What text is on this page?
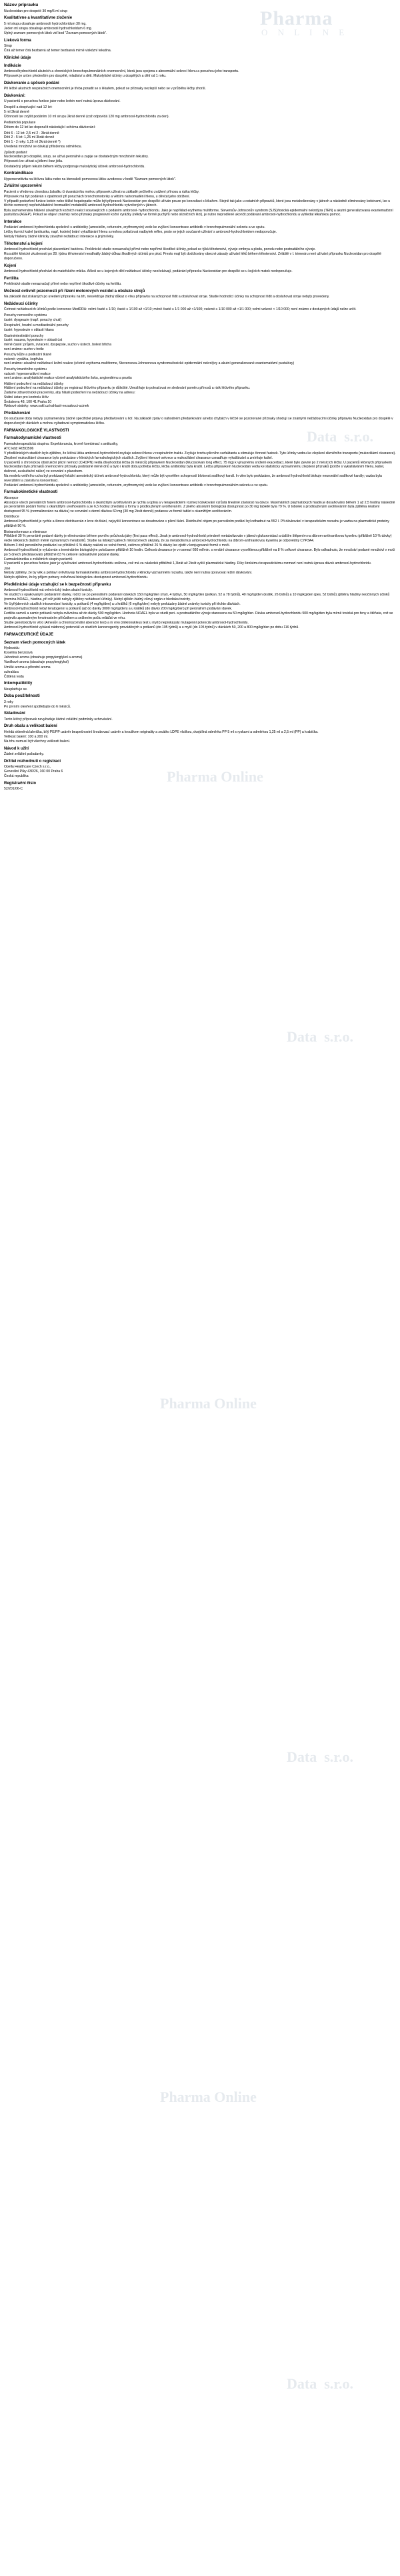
Pharma
O N L I N E
Data  s.r.o.
Pharma Online
Data  s.r.o.
Pharma Online
Data  s.r.o.
Pharma Online
Data  s.r.o.
Názov prípravku

Nucleoxidan pre dospelé 30 mg/5 ml sirup

Kvalitatívne a kvantitatívne zloženie

5 ml sirupu obsahuje ambroxoli hydrochloridum 30 mg.

Jeden ml sirupu obsahuje ambroxoli hydrochloridum 6 mg.

Úplný zoznam pomocných látok viď bod "Zoznam pomocných látok".

Lieková forma

Sirup

Čirá až temer čirá bezbarvá až temer bezbarvá mírně viskózní tekutina.

Klinické údaje
Indikácie

Ambroxolhydrochlorid akutních a chronických bronchopulmonálních onemocnění, která jsou spojena s abnormální sekrecí hlenu a poruchou jeho transportu.

Přípravek je určen především pro dospělé, mladiství a děti. Mukolytické účinky u dospělých a dětí od 1 roku.

Dávkovanie a spôsob podání

Při léčbě akutních respiračních onemocnění je třeba poradit se s lékařem, pokud se příznaky nezlepší nebo se v průběhu léčby zhorší.

Dávkování:

U pacientů s poruchou funkce jater nebo ledvin není nutná úprava dávkování.

Dospělí a dospívající nad 12 let:

5 ml 3krát denně

Účinnosti lze zvýšit podáním 10 ml sirupu 2krát denně (což odpovídá 120 mg ambroxol-hydrochloridu za den).

Pediatrická populace

Dětem do 12 let lze doporučit následující schéma dávkování:

Děti 6 - 12 let: 2,5 ml 2 - 3krát denně

Děti 2 - 5 let: 1,25 ml 3krát denně

Děti 1 - 2 roky: 1,25 ml 2krát denně *)

Uvedená množství se dávkují přiloženou odměrkou.

Způsob podání:

Nucleoxidan pro dospělé, sirup, se užívá perorálně a zapije se dostatečným množstvím tekutiny.

Přípravek lze užívat a jídlem i bez jídla.

Dostatečný příjem tekutin během léčby podporuje mukolytický účinek ambroxol-hydrochloridu.

Kontraindikace

Hypersenzitivita na léčivou látku nebo na kteroukoli pomocnou látku uvedenou v bodě "Seznam pomocných látek".

Zvláštní upozornění

Pacienti s vředovou chorobou žaludku či dvanáctníku mohou přípravek užívat na základě pečlivého zvážení přínosu a rizika léčby.

Přípravek má být podáván s opatrností při poruchách bronchomotoriky a větším nahromadění hlenu, u děvčat jeho obtížení.

V případě podezření funkce ledvin nebo těžké hepatopatie může být přípravek Nucleoxidan pro dospělé užíván pouze po konzultaci s lékařem. Stejně tak jako u ostatních přípravků, které jsou metabolizovány v játrech a následně eliminovány ledvinami, lze u těchto nemocný nepředvídatelné hromadění metabolitů ambroxol-hydrochloridu vytvořených v játrech.

Byla zaznamenána hlášení závažných kožních reakcí souvisejících s podáním ambroxol- hydrochloridu. Jako je například erythema multiforme, Stevensův-Johnsonův syndrom (SJS)/toxická epidermální nekrolýza (TEN) a akutní generalizovaná exantematózní pustulóza (AGEP). Pokud se objeví známky nebo příznaky progresivní kožní vyrážky (někdy ve formě puchýřů nebo slizničních lézí), je nutno neprodleně ukončit podávání ambroxol-hydrochloridu a vyhledat lékařskou pomoc.

Interakce

Podávání ambroxol-hydrochloridu společně s antibiotiky (amoxicilin, cefuroxim, erythromycin) vede ke zvýšení koncentrace antibiotik v bronchopulmonální sekretu a ve sputu.

Léčby tlumící kašel (antitusika, např. kodein) brání vykašlávání hlenu a mohou potlačovat nadbytek reflex, proto se jejich současné užívání s ambroxol-hydrochloridem nedoporučuje.

Nebyly hlášeny žádné klinicky závažné nežádoucí interakce a jinými léky.

Těhotenství a kojení

Ambroxol-hydrochlorid prochází placentární bariérou. Preklinické studie nenaznačují přímé nebo nepřímé škodlivé účinky, pokud se týká těhotenství, vývoje embrya a plodu, porodu nebo postnatálního vývoje.

Rozsáhlé klinické zkušenosti po 28. týdnu těhotenství neodhalily žádný důkaz škodlivých účinků pro plod. Presto mají být dodržovány obecné zásady užívání léků během těhotenství. Zvláště v I. trimestru není užívání přípravku Nucleoxidan pro dospělé doporučeno.

Kojení

Ambroxol-hydrochlorid přechází do mateřského mléka. Ačkoli se u kojených dětí nežádoucí účinky neočekávají, podávání přípravku Nucleoxidan pro dospělé se u kojících matek nedoporučuje.

Fertilita

Preklinické studie nenaznačují přímé nebo nepřímé škodlivé účinky na fertilitu.

Možnost ovlivnit pozornosti při řízení motorových vozidel a obsluze strojů

Na základě dat získaných po uvedení přípravku na trh, nesvědčuje žádný důkaz o vlivu přípravku na schopnost řídit a obsluhovat stroje. Studie hodnotící účinky na schopnost řídit a obsluhovat stroje nebyly provedeny.

Nežádoucí účinky

Četnost nežádoucích účinků podle konvence MedDRA: velmi časté ≥ 1/10; časté ≥ 1/100 až <1/10; méně časté ≥ 1/1 000 až <1/100; vzácné ≥ 1/10 000 až <1/1 000; velmi vzácné < 1/10 000; není známo z dostupných údajů nelze určit.

Poruchy nervového systému

časté: dysgeuzie (např. poruchy chuti)

Respirační, hrudní a mediastinální poruchy

časté: hypestezie v oblasti hltanu

Gastrointestinální poruchy

časté: nauzea, hypestezie v oblasti úst

méně časté: průjem, zvracení, dyspepsie, sucho v ústech, bolest břicha

není známo: sucho v hrdle

Poruchy kůže a podkožní tkáně

vzácné: vyrážka, kopřivka

není známo: závažné nežádoucí kožní reakce (včetně erythema multiforme, Stevensova-Johnsonova syndromu/toxické epidermální nekrolýzy a akutní generalizované exantematózní pustulózy)

Poruchy imunitního systému

vzácné: hypersenzitivní reakce

není známo: anafylaktické reakce včetně anafylaktického šoku, angioedému a pruritu

Hlášení podezření na nežádoucí účinky

Hlášení podezření na nežádoucí účinky po registraci léčivého přípravku je důležité. Umožňuje to pokračovat ve sledování poměru přínosů a rizik léčivého přípravku.

Žádáme zdravotnické pracovníky, aby hlásili podezření na nežádoucí účinky na adresu:

Státní ústav pro kontrolu léčiv

Šrobárova 48, 100 41 Praha 10

Webové stránky: www.sukl.cz/nahlasit-nezadouci-ucinek

Předávkování

Do současné doby nebyly zaznamenány žádné specifické projevy předávkování u lidí. Na základě zpráv o náhodném předávkování a/nebo chybách v léčbě se pozorované příznaky shodují se známými nežádoucími účinky přípravku Nucleoxidan pro dospělé v doporučených dávkách a mohou vyžadovat symptomatickou léčbu.

FARMAKOLOGICKÉ VLASTNOSTI
Farmakodynamické vlastnosti

Farmakoterapeutická skupina: Expektorancia, kromě kombinací s antitusiky,

ATC kód: R05CB06

V předklinických studiích bylo zjištěno, že léčivá látka ambroxol-hydrochlorid zvyšuje sekreci hlenu v respiračním traktu. Zvyšuje tvorbu plicního surfaktantu a stimuluje činnost řasinek. Tyto účinky vedou ke zlepšení slizničního transportu (mukociliární clearance). Zlepšení mukociliární clearance bylo prokázáno v klinických farmakologických studiích. Zvýšení hlenové sekrece a mukociliární clearance usnadňuje vykašlávání a zmírňuje kašel.

U pacientů s chronickou obstrukční plicní nemocí (CHOPN) vedla dlouhodobá léčba (6 měsíců) přípravkem Nucleoxidan (Mucosolvan long effect, 75 mg) k výraznému snížení exacerbací, které bylo zjevné po 2 měsících léčby. U pacientů léčených přípravkem Nucleoxidan bylo příznaků onemocnění příznaky podstatně méně dnů a bylo i kratší dobu potřeba léčby, léčba antibiotiky byla kratší. Léčba přípravkem Nucleoxidan vedla ke statisticky významnému zlepšení příznaků (potíže s vykašláváním hlenu, kašel, dušnost, auskultační nález) ve srovnání s placebem.

Na modelu vnitřního ucha byl prokázaný lokální anestetický účinek ambroxol-hydrochloridu, který může být vysvětlen schopností blokovat sodíkový kanál. In vitro bylo prokázáno, že ambroxol hydrochlorid blokuje neuronální sodíkové kanály; vazba byla reverzibilní a závislá na koncentraci.

Podávání ambroxol-hydrochloridu společně s antibiotiky (amoxicilin, cefuroxim, erythromycin) vede ke zvýšení koncentrace antibiotik v bronchopulmonálním sekretu a ve sputu.

Farmakokinetické vlastnosti

Absorpce

Absorpce všech perorálních forem ambroxol-hydrochloridu s okamžitým uvolňováním je rychlá a úplná a v terapeutickém rozmezí dávkování vzrůstá lineárně závislost na dávce. Maximálních plazmatických hladin je dosahováno během 1 až 2,5 hodiny následně po perorálním podání formy s okamžitým uvolňováním a ze 6,5 hodiny (medián) u formy s prodlouženým uvolňováním. Z jiného absolutní biologická dostupnost po 30 mg tabletě byla 79 %. U tobolek s prodlouženým uvolňováním byla zjištěna relativní dostupnost 95 % (normalizováno na dávku) ve srovnání s denní dávkou 60 mg (30 mg 2krát denně) podanou ve formě tablet s okamžitým uvolňováním.

Distribuce

Ambroxol-hydrochlorid je rychle a široce distribuován z krve do tkání, nejvyšší koncentrace se dosahováno v plicní tkáni. Distribuční objem po perorálním podání byl odhadnut na 552 l. Při dávkování v terapeutickém rozsahu je vazba na plazmatické proteiny přibližně 90 %.

Biotransformace a eliminace

Přibližně 30 % perorálně podané dávky je eliminováno během prvního průchodu játry (first pass effect). Jinak je ambroxol-hydrochlorid primárně metabolizován v játrech glukuronidací a dalším štěpením na dibrom-anthranilovou kyselinu (přibližně 10 % dávky) vedle některých dalších méně významných metabolitů. Studie na lidských játrech mikrozomech ukázaly, že za metabolismus ambroxol-hydrochloridu na dibrom-anthranilovou kyselinu je odpovědný CYP3A4.

Během 3 dnů perorálního podávání se přibližně 6 % dávky nalézá ve volné formě, zatímco přibližně 26 % dávky lze zjistit v konjugované formě v moči.

Ambroxol-hydrochlorid je vylučován s terminálním biologickým poločasem přibližně 10 hodin. Celková clearance je v rozmezí 660 ml/min. s renální clearance vysvětlenou přibližně na 8 % celkové clearance. Bylo odhadnuto, že množství podané množství v moči po 5 dnech představovalo přibližně 83 % celkové radioaktivně podané dávky.

Farmakokinetika u zvláštních skupin pacientů

U pacientů s poruchou funkce jater je vylučování ambroxol-hydrochloridu snížena, což má za následek přibližně 1,3krát až 2krát vyšší plazmatické hladiny. Díky širokému terapeutickému rozmezí není nutná úprava dávek ambroxol-hydrochloridu.

Jiné

Nebyly zjištěny, že by věk a pohlaví ovlivňovaly farmakokinetiku ambroxol-hydrochloridu v klinicky významném rozsahu, takže není nutná úpravovat režim dávkování.

Nebylo zjištěno, že by příjem potravy ovlivňoval biologickou dostupnost ambroxol-hydrochloridu.

Předklinické údaje vztahující se k bezpečnosti přípravku

Ambroxol-hydrochlorid má velmi nízký index akutní toxicity.

Ve studiích s opakovaným podáváním dávky, rodící se po perorálním podávání dávkách 150 mg/kg/den (myš, 4 týdny), 50 mg/kg/den (potkan, 52 a 78 týdnů), 40 mg/kg/den (králík, 26 týdnů) a 10 mg/kg/den (pes, 52 týdnů) zjištěny hladiny neúčinných účinků (nomina NOAEL, hladina, při níž ještě nebyly zjištěny nežádoucí účinky). Nebyl zjištěn žádný cílový orgán z hlediska toxicity.

Ve čtyřtýdenních studiích intravenózní toxicity, u potkanů (4 mg/kg/den) a u králíků (6 mg/kg/den) nebyly prokázány žádné známky toxicity při těchto dávkách.

Ambroxol-hydrochlorid nebyl teratogenní u potkanů (až do dávky 3000 mg/kg/den) a u králíků (do dávky 200 mg/kg/den) při perorálním podávání dávek.

Fertilita samců a samic potkanů nebyla ovlivněna až do dávky 500 mg/kg/den. Hodnota NOAEL byla ve studii peri- a postnatálního vývoje stanovena na 50 mg/kg/den. Dávka ambroxol-hydrochloridu 500 mg/kg/den byla mírně toxická pro feny a štěňata, což se projevilo zpomaleným hmotnostním přírůstkem a snížením počtu mláďat ve vrhu.

Studie genotoxicity in vitro (Amesův a chromozomální aberační test) a in vivo (mikronukleus test u myší) neprokázaly mutagenní potenciál ambroxol-hydrochloridu.

Ambroxol-hydrochlorid vykázal nádorový potenciál ve studiích kancerogenity prováděných u potkanů (do 105 týdnů) a u myší (do 105 týdnů) v dávkách 50, 200 a 800 mg/kg/den po dobu 116 týdnů.

FARMACEUTICKÉ ÚDAJE
Seznam všech pomocných látek

Hydroxidu

Kyselina benzoová

Jahodové aroma (obsahuje propylenglykol a aroma)

Vanilkové aroma (obsahuje propylenglykol)

Umělé aroma a přírodní aroma

sukralóza

Čištěná voda

Inkompatibility

Neuplatňuje se.

Doba použitelnosti

3 roky

Po prvním otevření spotřebujte do 6 měsíců.

Skladování

Tento léčivý přípravek nevyžaduje žádné zvláštní podmínky uchovávání.

Druh obalu a velikost balení

Hnědá skleněná lahvička, bílý PE/PP uzávěr bezpečnostní šroubovací uzávěr a krouškem originality a zrcátko LDPE vložkou, dvojdílná odměrka PP 5 ml s ryskami a odměrkou 1,25 ml a 2,5 ml (PP) a krabička.

Velikost balení: 100 a 200 ml.

Na trhu nemusí být všechny velikosti balení.

Návod k užití

Žádné zvláštní požadavky.

Držitel rozhodnutí o registraci

Opella Healthcare Czech s.r.o.,

Generální Píky 430/26, 160 00 Praha 6

Česká republika

Registrační číslo

52/201/06-C
